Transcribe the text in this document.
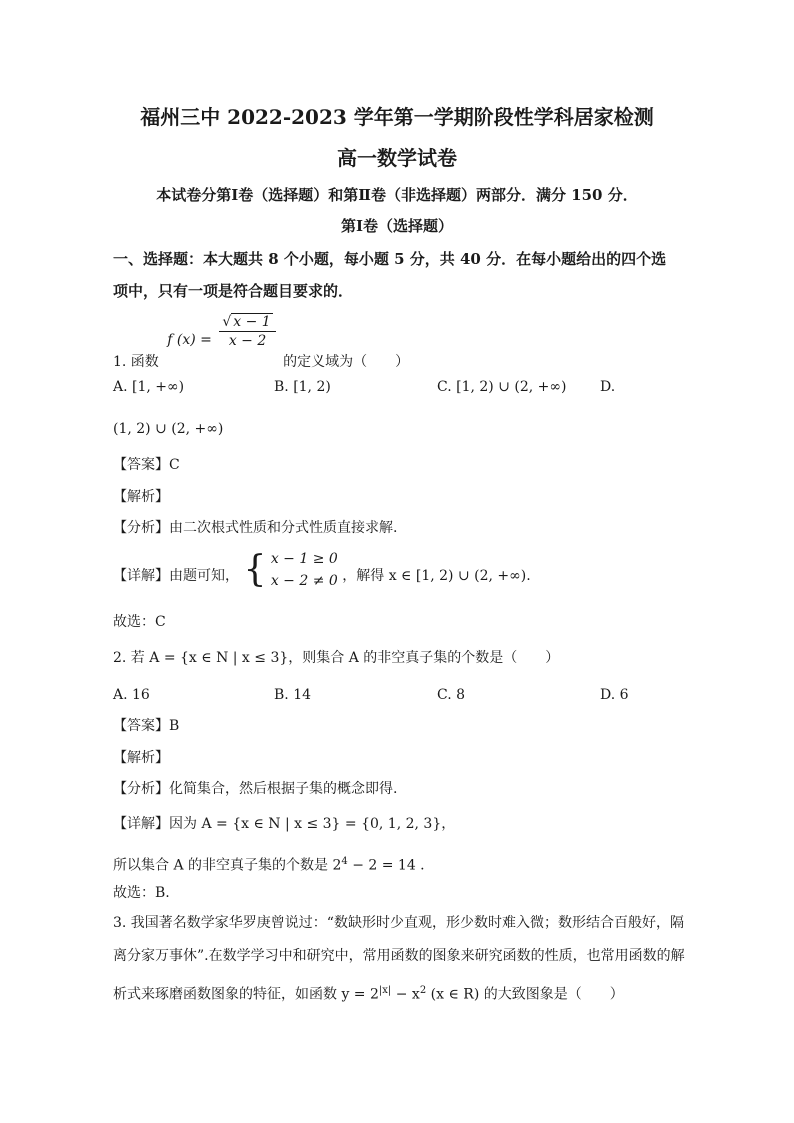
福州三中 2022-2023 学年第一学期阶段性学科居家检测
高一数学试卷
本试卷分第Ⅰ卷（选择题）和第Ⅱ卷（非选择题）两部分．满分 150 分．
第Ⅰ卷（选择题）
一、选择题：本大题共 8 个小题，每小题 5 分，共 40 分．在每小题给出的四个选
项中，只有一项是符合题目要求的．
1. 函数 f $(x) = \frac{√ x - 1}{x - 2}$
的定义域为（　　）
A. [1, +∞)	B. [1, 2)	C. [1, 2) ∪ (2, +∞) D.
(1, 2) ∪ (2, +∞)
【答案】C
【解析】
【分析】由二次根式性质和分式性质直接求解.
【详解】由题可知， { x − 1 ≥ 0
x − 2 ≠ 0 ，解得 x ∈ [1, 2) ∪ (2, +∞).
故选：C
2. 若 A = {x ∈ N | x ≤ 3}，则集合 A 的非空真子集的个数是（　　）
A. 16	B. 14	C. 8	D. 6
【答案】B
【解析】
【分析】化简集合，然后根据子集的概念即得.
【详解】因为 A = {x ∈ N | x ≤ 3} = {0, 1, 2, 3}，
所以集合 A 的非空真子集的个数是 $2^4 - 2 = 14$ .
故选：B.
3. 我国著名数学家华罗庚曾说过：“数缺形时少直观，形少数时难入微；数形结合百般好，隔
离分家万事休”.在数学学习中和研究中，常用函数的图象来研究函数的性质，也常用函数的解
析式来琢磨函数图象的特征，如函数 $y = 2^{|x|} - x^2$ (x ∈ R) 的大致图象是（　　）
